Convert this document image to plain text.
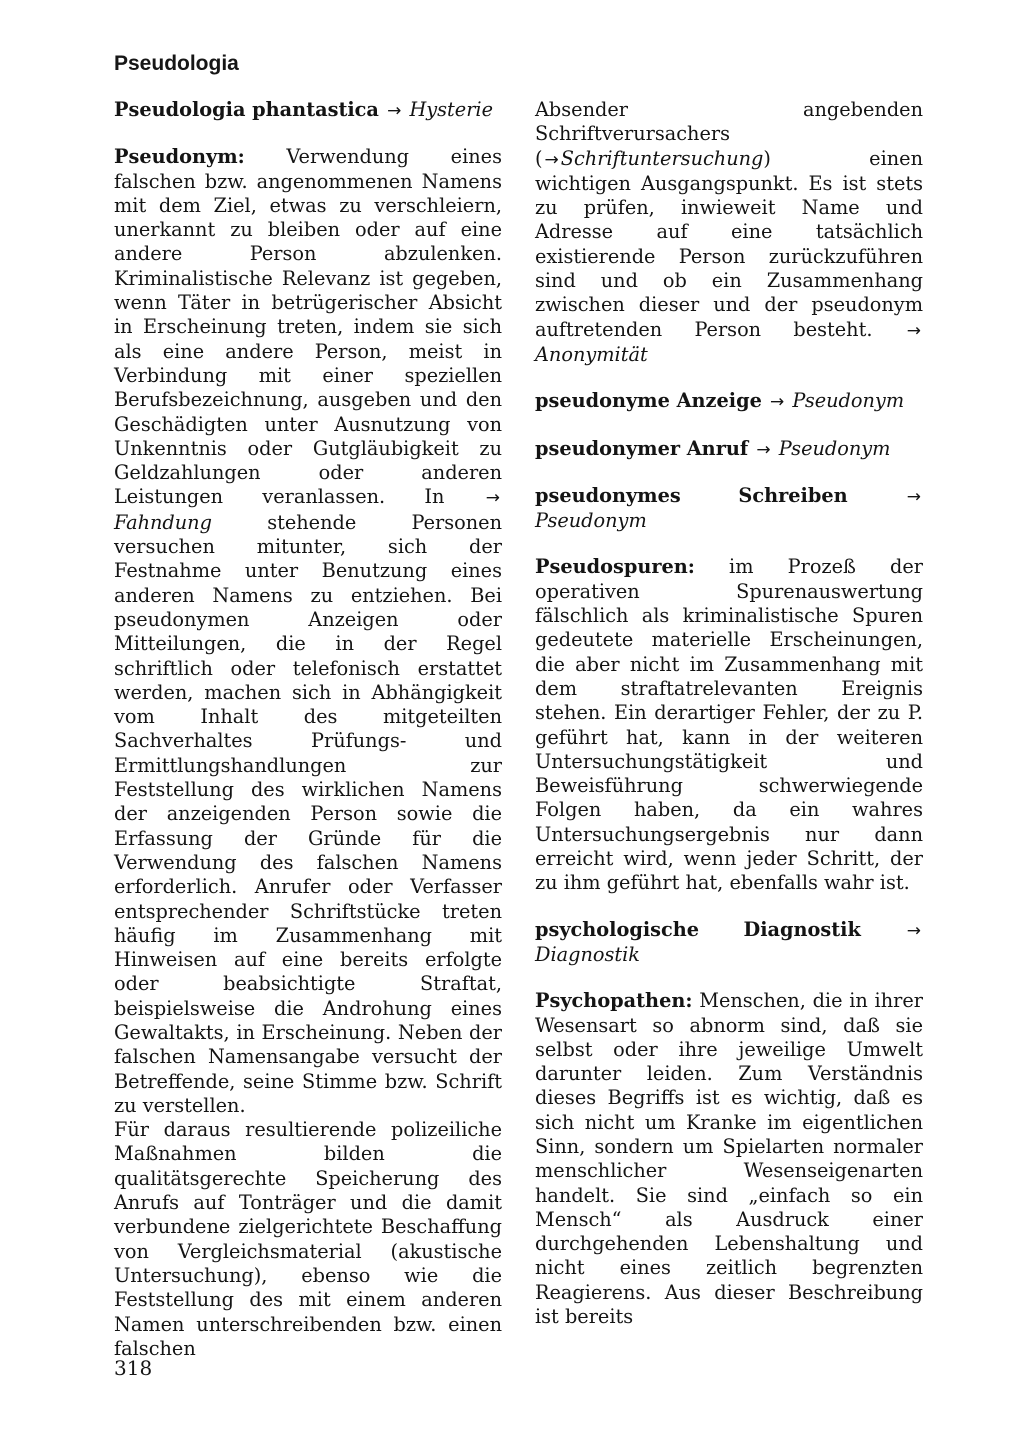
Pseudologia

Pseudologia phantastica → Hysterie

Pseudonym: Verwendung eines falschen bzw. angenommenen Namens mit dem Ziel, etwas zu verschleiern, unerkannt zu bleiben oder auf eine andere Person abzulenken. Kriminalistische Relevanz ist gegeben, wenn Täter in betrügerischer Absicht in Erscheinung treten, indem sie sich als eine andere Person, meist in Verbindung mit einer speziellen Berufsbezeichnung, ausgeben und den Geschädigten unter Ausnutzung von Unkenntnis oder Gutgläubigkeit zu Geldzahlungen oder anderen Leistungen veranlassen. In → Fahndung	stehende Personen versuchen mitunter, sich der Festnahme unter Benutzung eines anderen Namens zu entziehen. Bei pseudonymen Anzeigen oder Mitteilungen, die in der Regel schriftlich oder telefonisch erstattet werden, machen sich in Abhängigkeit vom Inhalt des mitgeteilten Sachverhaltes Prüfungs- und Ermittlungshandlungen zur Feststellung des wirklichen Namens der anzeigenden Person sowie die Erfassung der Gründe für die Verwendung des falschen Namens erforderlich. Anrufer oder Verfasser entsprechender Schriftstücke treten häufig im Zusammenhang mit Hinweisen auf eine bereits erfolgte oder beabsichtigte Straftat, beispielsweise die Androhung eines Gewaltakts, in Erscheinung. Neben der falschen Namensangabe versucht der Betreffende, seine Stimme bzw. Schrift zu verstellen.

Für daraus resultierende polizeiliche Maßnahmen bilden die qualitätsgerechte Speicherung des Anrufs auf Tonträger und die damit verbundene zielgerichtete Beschaffung von Vergleichsmaterial (akustische Untersuchung), ebenso wie die Feststellung des mit einem anderen Namen unterschreibenden bzw. einen falschen

Absender angebenden Schriftverursachers ( → Schriftuntersuchung) einen wichtigen Ausgangspunkt. Es ist stets zu prüfen, inwieweit Name und Adresse auf eine tatsächlich existierende Person zurückzuführen sind und ob ein Zusammenhang zwischen dieser und der pseudonym auftretenden Person besteht. → Anonymität

pseudonyme Anzeige → Pseudonym

pseudonymer Anruf → Pseudonym

pseudonymes Schreiben	→ Pseudonym

Pseudospuren: im Prozeß der operativen Spurenauswertung fälschlich als kriminalistische Spuren gedeutete materielle Erscheinungen, die aber nicht im Zusammenhang mit dem straftatrelevanten Ereignis stehen. Ein derartiger Fehler, der zu P. geführt hat, kann in der weiteren Untersuchungstätigkeit und Beweisführung schwerwiegende Folgen haben, da ein wahres Untersuchungsergebnis nur dann erreicht wird, wenn jeder Schritt, der zu ihm geführt hat, ebenfalls wahr ist.

psychologische Diagnostik	→ Diagnostik

Psychopathen: Menschen, die in ihrer Wesensart so abnorm sind, daß sie selbst oder ihre jeweilige Umwelt darunter leiden. Zum Verständnis dieses Begriffs ist es wichtig, daß es sich nicht um Kranke im eigentlichen Sinn, sondern um Spielarten normaler menschlicher Wesenseigenarten handelt. Sie sind „einfach so ein Mensch“ als Ausdruck einer durchgehenden Lebenshaltung und nicht eines zeitlich begrenzten Reagierens. Aus dieser Beschreibung ist bereits

318
